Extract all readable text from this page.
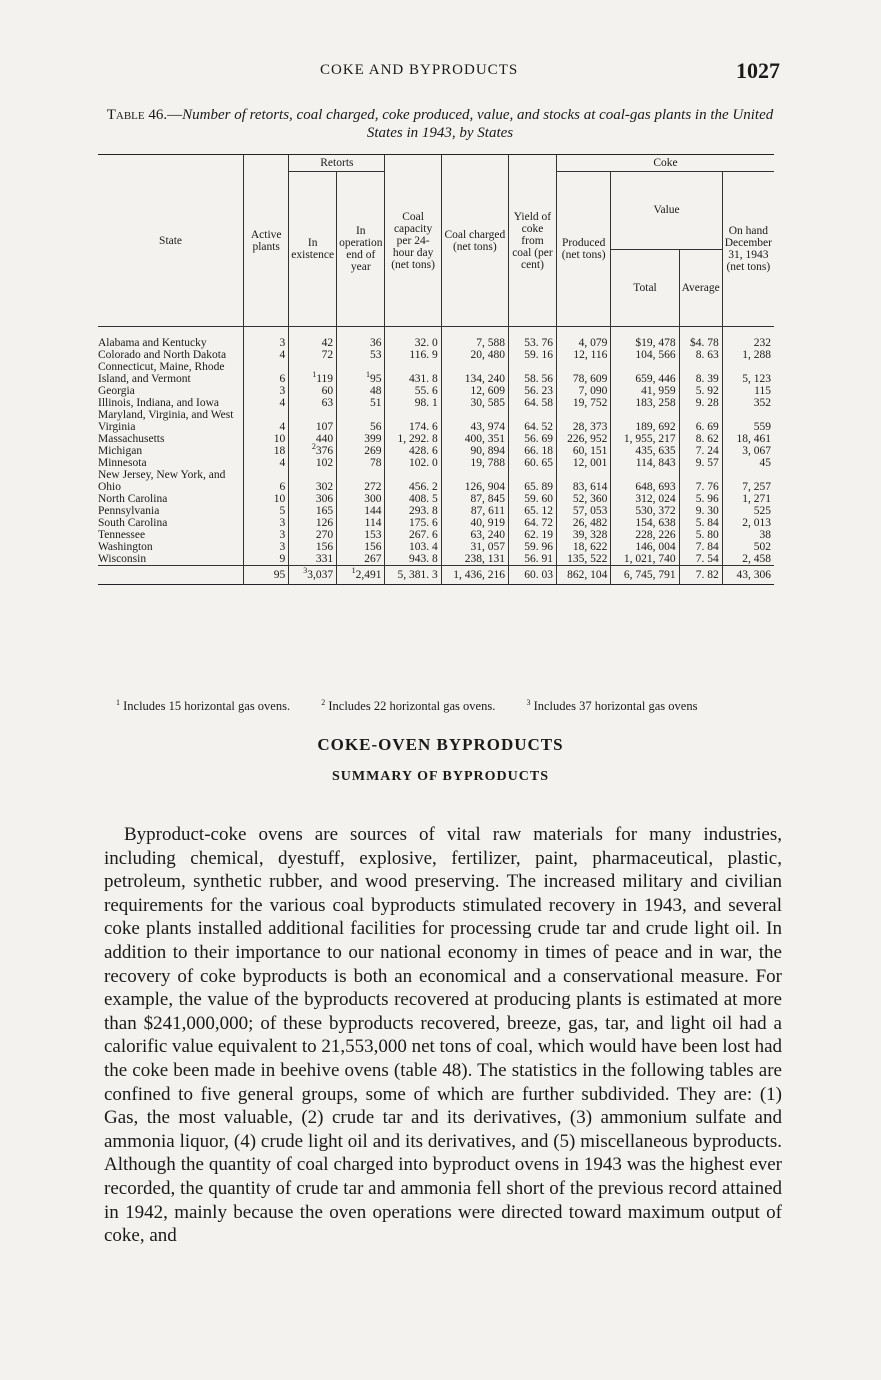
COKE AND BYPRODUCTS	1027
Table 46.—Number of retorts, coal charged, coke produced, value, and stocks at coal-gas plants in the United States in 1943, by States
State	Active plants	Retorts		Coal capacity per 24-hour day (net tons)	Coal charged (net tons)	Yield of coke from coal (per cent)	Coke			
		In existence	In operation end of year				Produced (net tons)	Value		On hand December 31, 1943 (net tons)
								Total	Average	
Alabama and Kentucky	3	42	36	32. 0	7, 588	53. 76	4, 079	$19, 478	$4. 78	232
Colorado and North Dakota	4	72	53	116. 9	20, 480	59. 16	12, 116	104, 566	8. 63	1, 288
Connecticut, Maine, Rhode Island, and Vermont	6	$^1$119	$^1$95	431. 8	134, 240	58. 56	78, 609	659, 446	8. 39	5, 123
Georgia	3	60	48	55. 6	12, 609	56. 23	7, 090	41, 959	5. 92	115
Illinois, Indiana, and Iowa	4	63	51	98. 1	30, 585	64. 58	19, 752	183, 258	9. 28	352
Maryland, Virginia, and West Virginia	4	107	56	174. 6	43, 974	64. 52	28, 373	189, 692	6. 69	559
Massachusetts	10	440	399	1, 292. 8	400, 351	56. 69	226, 952	1, 955, 217	8. 62	18, 461
Michigan	18	$^2$376	269	428. 6	90, 894	66. 18	60, 151	435, 635	7. 24	3, 067
Minnesota	4	102	78	102. 0	19, 788	60. 65	12, 001	114, 843	9. 57	45
New Jersey, New York, and Ohio	6	302	272	456. 2	126, 904	65. 89	83, 614	648, 693	7. 76	7, 257
North Carolina	10	306	300	408. 5	87, 845	59. 60	52, 360	312, 024	5. 96	1, 271
Pennsylvania	5	165	144	293. 8	87, 611	65. 12	57, 053	530, 372	9. 30	525
South Carolina	3	126	114	175. 6	40, 919	64. 72	26, 482	154, 638	5. 84	2, 013
Tennessee	3	270	153	267. 6	63, 240	62. 19	39, 328	228, 226	5. 80	38
Washington	3	156	156	103. 4	31, 057	59. 96	18, 622	146, 004	7. 84	502
Wisconsin	9	331	267	943. 8	238, 131	56. 91	135, 522	1, 021, 740	7. 54	2, 458
	95	$^3$3,037	$^1$2,491	5, 381. 3	1, 436, 216	60. 03	862, 104	6, 745, 791	7. 82	43, 306
$^1$ Includes 15 horizontal gas ovens.	$^2$ Includes 22 horizontal gas ovens.	$^3$ Includes 37 horizontal gas ovens
COKE-OVEN BYPRODUCTS
SUMMARY OF BYPRODUCTS

Byproduct-coke ovens are sources of vital raw materials for many industries, including chemical, dyestuff, explosive, fertilizer, paint, pharmaceutical, plastic, petroleum, synthetic rubber, and wood preserving. The increased military and civilian requirements for the various coal byproducts stimulated recovery in 1943, and several coke plants installed additional facilities for processing crude tar and crude light oil. In addition to their importance to our national economy in times of peace and in war, the recovery of coke byproducts is both an economical and a conservational measure. For example, the value of the byproducts recovered at producing plants is estimated at more than $241,000,000; of these byproducts recovered, breeze, gas, tar, and light oil had a calorific value equivalent to 21,553,000 net tons of coal, which would have been lost had the coke been made in beehive ovens (table 48). The statistics in the following tables are confined to five general groups, some of which are further subdivided. They are: (1) Gas, the most valuable, (2) crude tar and its derivatives, (3) ammonium sulfate and ammonia liquor, (4) crude light oil and its derivatives, and (5) miscellaneous byproducts. Although the quantity of coal charged into byproduct ovens in 1943 was the highest ever recorded, the quantity of crude tar and ammonia fell short of the previous record attained in 1942, mainly because the oven operations were directed toward maximum output of coke, and
